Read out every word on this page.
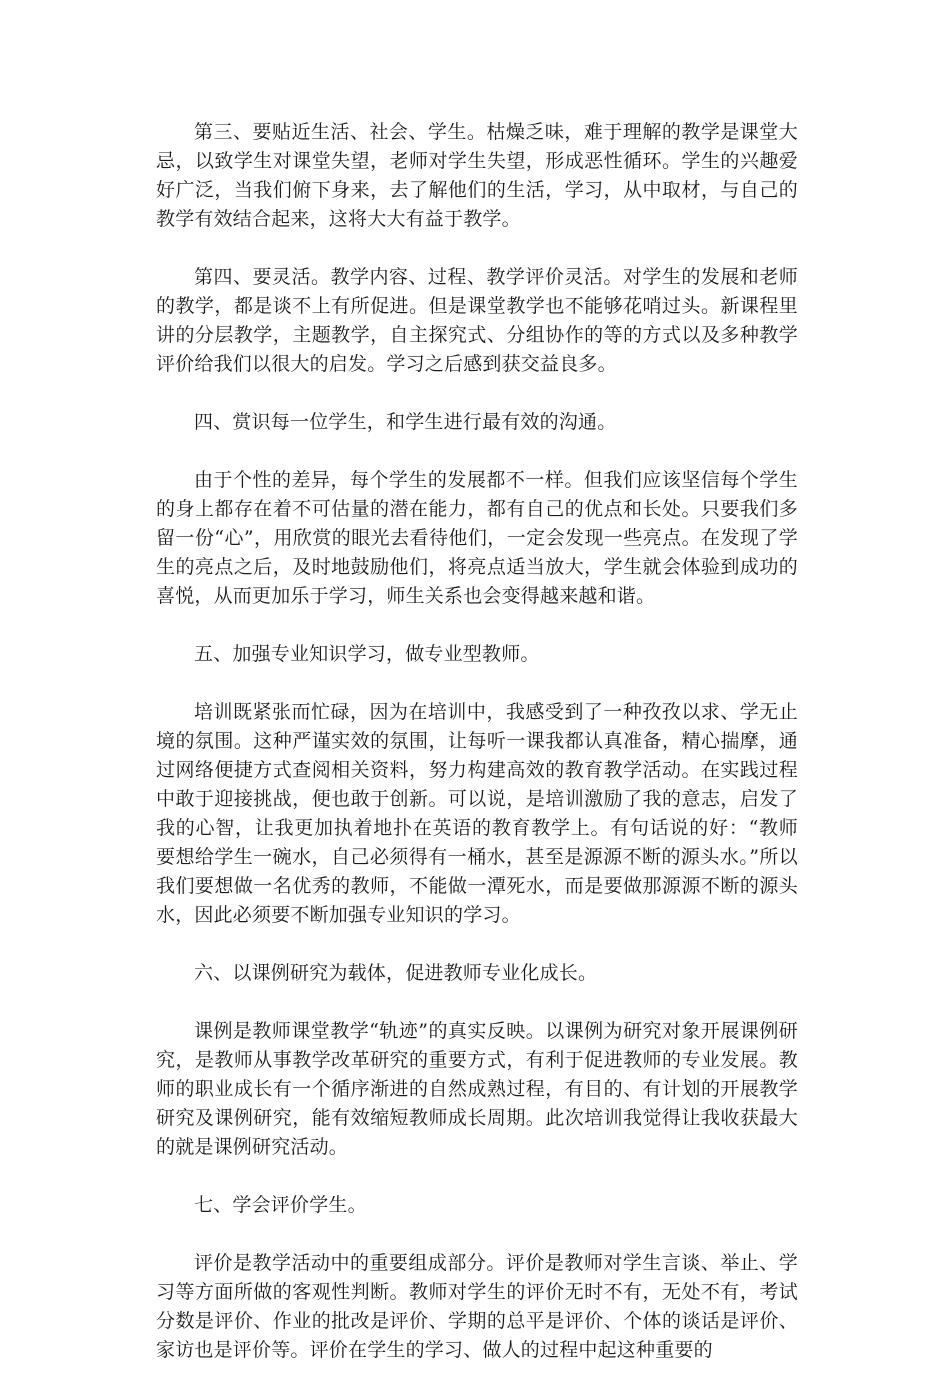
第三、要贴近生活、社会、学生。枯燥乏味，难于理解的教学是课堂大忌，以致学生对课堂失望，老师对学生失望，形成恶性循环。学生的兴趣爱好广泛，当我们俯下身来，去了解他们的生活，学习，从中取材，与自己的教学有效结合起来，这将大大有益于教学。

第四、要灵活。教学内容、过程、教学评价灵活。对学生的发展和老师的教学，都是谈不上有所促进。但是课堂教学也不能够花哨过头。新课程里讲的分层教学，主题教学，自主探究式、分组协作的等的方式以及多种教学评价给我们以很大的启发。学习之后感到获交益良多。

四、赏识每一位学生，和学生进行最有效的沟通。

由于个性的差异，每个学生的发展都不一样。但我们应该坚信每个学生的身上都存在着不可估量的潜在能力，都有自己的优点和长处。只要我们多留一份“心”，用欣赏的眼光去看待他们，一定会发现一些亮点。在发现了学生的亮点之后，及时地鼓励他们，将亮点适当放大，学生就会体验到成功的喜悦，从而更加乐于学习，师生关系也会变得越来越和谐。

五、加强专业知识学习，做专业型教师。

培训既紧张而忙碌，因为在培训中，我感受到了一种孜孜以求、学无止境的氛围。这种严谨实效的氛围，让每听一课我都认真准备，精心揣摩，通过网络便捷方式查阅相关资料，努力构建高效的教育教学活动。在实践过程中敢于迎接挑战，便也敢于创新。可以说，是培训激励了我的意志，启发了我的心智，让我更加执着地扑在英语的教育教学上。有句话说的好：“教师要想给学生一碗水，自己必须得有一桶水，甚至是源源不断的源头水。”所以我们要想做一名优秀的教师，不能做一潭死水，而是要做那源源不断的源头水，因此必须要不断加强专业知识的学习。

六、以课例研究为载体，促进教师专业化成长。

课例是教师课堂教学“轨迹”的真实反映。以课例为研究对象开展课例研究，是教师从事教学改革研究的重要方式，有利于促进教师的专业发展。教师的职业成长有一个循序渐进的自然成熟过程，有目的、有计划的开展教学研究及课例研究，能有效缩短教师成长周期。此次培训我觉得让我收获最大的就是课例研究活动。

七、学会评价学生。

评价是教学活动中的重要组成部分。评价是教师对学生言谈、举止、学习等方面所做的客观性判断。教师对学生的评价无时不有，无处不有，考试分数是评价、作业的批改是评价、学期的总平是评价、个体的谈话是评价、家访也是评价等。评价在学生的学习、做人的过程中起这种重要的
